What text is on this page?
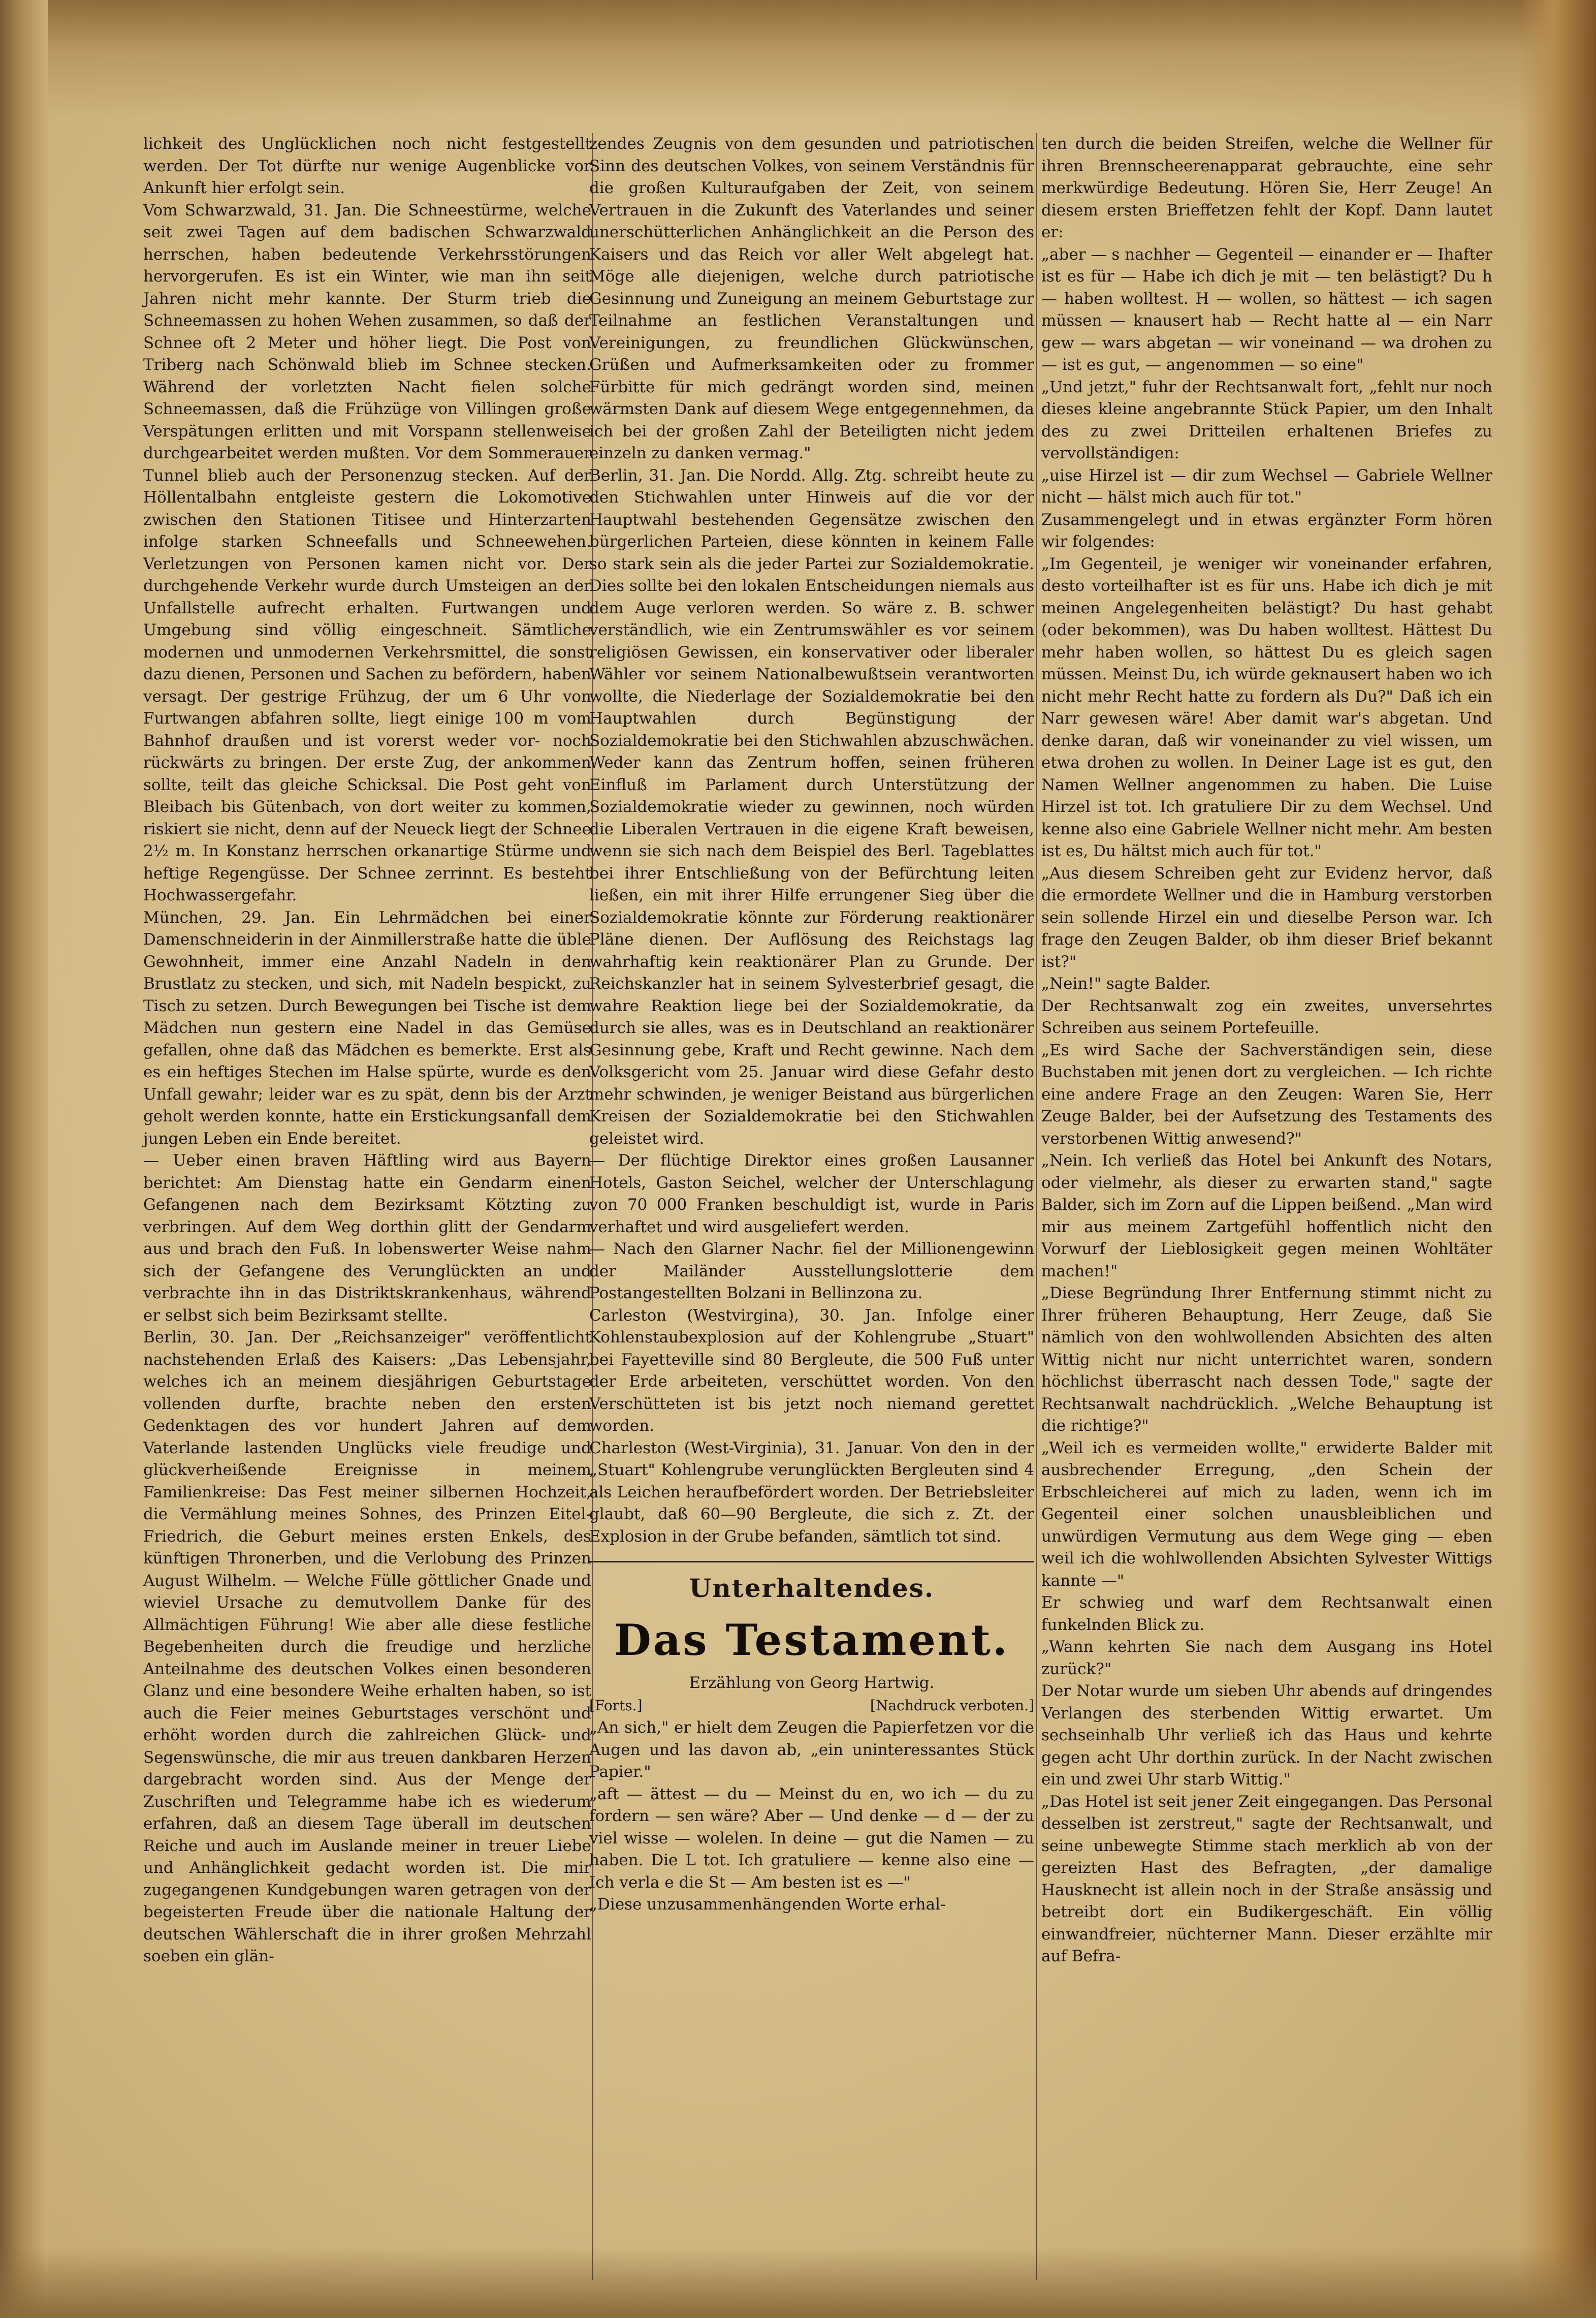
lichkeit des Unglücklichen noch nicht festgestellt werden. Der Tot dürfte nur wenige Augenblicke vor Ankunft hier erfolgt sein.

Vom Schwarzwald, 31. Jan. Die Schneestürme, welche seit zwei Tagen auf dem badischen Schwarzwald herrschen, haben bedeutende Verkehrsstörungen hervorgerufen. Es ist ein Winter, wie man ihn seit Jahren nicht mehr kannte. Der Sturm trieb die Schneemassen zu hohen Wehen zusammen, so daß der Schnee oft 2 Meter und höher liegt. Die Post von Triberg nach Schönwald blieb im Schnee stecken. Während der vorletzten Nacht fielen solche Schneemassen, daß die Frühzüge von Villingen große Verspätungen erlitten und mit Vorspann stellenweise durchgearbeitet werden mußten. Vor dem Sommerauer Tunnel blieb auch der Personenzug stecken. Auf der Höllentalbahn entgleiste gestern die Lokomotive zwischen den Stationen Titisee und Hinterzarten infolge starken Schneefalls und Schneewehen. Verletzungen von Personen kamen nicht vor. Der durchgehende Verkehr wurde durch Umsteigen an der Unfallstelle aufrecht erhalten. Furtwangen und Umgebung sind völlig eingeschneit. Sämtliche modernen und unmodernen Verkehrsmittel, die sonst dazu dienen, Personen und Sachen zu befördern, haben versagt. Der gestrige Frühzug, der um 6 Uhr von Furtwangen abfahren sollte, liegt einige 100 m vom Bahnhof draußen und ist vorerst weder vor- noch rückwärts zu bringen. Der erste Zug, der ankommen sollte, teilt das gleiche Schicksal. Die Post geht von Bleibach bis Gütenbach, von dort weiter zu kommen, riskiert sie nicht, denn auf der Neueck liegt der Schnee 2½ m. In Konstanz herrschen orkanartige Stürme und heftige Regengüsse. Der Schnee zerrinnt. Es besteht Hochwassergefahr.

München, 29. Jan. Ein Lehrmädchen bei einer Damenschneiderin in der Ainmillerstraße hatte die üble Gewohnheit, immer eine Anzahl Nadeln in den Brustlatz zu stecken, und sich, mit Nadeln bespickt, zu Tisch zu setzen. Durch Bewegungen bei Tische ist dem Mädchen nun gestern eine Nadel in das Gemüse gefallen, ohne daß das Mädchen es bemerkte. Erst als es ein heftiges Stechen im Halse spürte, wurde es den Unfall gewahr; leider war es zu spät, denn bis der Arzt geholt werden konnte, hatte ein Erstickungsanfall dem jungen Leben ein Ende bereitet.

— Ueber einen braven Häftling wird aus Bayern berichtet: Am Dienstag hatte ein Gendarm einen Gefangenen nach dem Bezirksamt Kötzting zu verbringen. Auf dem Weg dorthin glitt der Gendarm aus und brach den Fuß. In lobenswerter Weise nahm sich der Gefangene des Verunglückten an und verbrachte ihn in das Distriktskrankenhaus, während er selbst sich beim Bezirksamt stellte.

Berlin, 30. Jan. Der „Reichsanzeiger" veröffentlicht nachstehenden Erlaß des Kaisers: „Das Lebensjahr, welches ich an meinem diesjährigen Geburtstage vollenden durfte, brachte neben den ersten Gedenktagen des vor hundert Jahren auf dem Vaterlande lastenden Unglücks viele freudige und glückverheißende Ereignisse in meinem Familienkreise: Das Fest meiner silbernen Hochzeit, die Vermählung meines Sohnes, des Prinzen Eitel-Friedrich, die Geburt meines ersten Enkels, des künftigen Thronerben, und die Verlobung des Prinzen August Wilhelm. — Welche Fülle göttlicher Gnade und wieviel Ursache zu demutvollem Danke für des Allmächtigen Führung! Wie aber alle diese festliche Begebenheiten durch die freudige und herzliche Anteilnahme des deutschen Volkes einen besonderen Glanz und eine besondere Weihe erhalten haben, so ist auch die Feier meines Geburtstages verschönt und erhöht worden durch die zahlreichen Glück- und Segenswünsche, die mir aus treuen dankbaren Herzen dargebracht worden sind. Aus der Menge der Zuschriften und Telegramme habe ich es wiederum erfahren, daß an diesem Tage überall im deutschen Reiche und auch im Auslande meiner in treuer Liebe und Anhänglichkeit gedacht worden ist. Die mir zugegangenen Kundgebungen waren getragen von der begeisterten Freude über die nationale Haltung der deutschen Wählerschaft die in ihrer großen Mehrzahl soeben ein glän-

zendes Zeugnis von dem gesunden und patriotischen Sinn des deutschen Volkes, von seinem Verständnis für die großen Kulturaufgaben der Zeit, von seinem Vertrauen in die Zukunft des Vaterlandes und seiner unerschütterlichen Anhänglichkeit an die Person des Kaisers und das Reich vor aller Welt abgelegt hat. Möge alle diejenigen, welche durch patriotische Gesinnung und Zuneigung an meinem Geburtstage zur Teilnahme an festlichen Veranstaltungen und Vereinigungen, zu freundlichen Glückwünschen, Grüßen und Aufmerksamkeiten oder zu frommer Fürbitte für mich gedrängt worden sind, meinen wärmsten Dank auf diesem Wege entgegennehmen, da ich bei der großen Zahl der Beteiligten nicht jedem einzeln zu danken vermag."

Berlin, 31. Jan. Die Nordd. Allg. Ztg. schreibt heute zu den Stichwahlen unter Hinweis auf die vor der Hauptwahl bestehenden Gegensätze zwischen den bürgerlichen Parteien, diese könnten in keinem Falle so stark sein als die jeder Partei zur Sozialdemokratie. Dies sollte bei den lokalen Entscheidungen niemals aus dem Auge verloren werden. So wäre z. B. schwer verständlich, wie ein Zentrumswähler es vor seinem religiösen Gewissen, ein konservativer oder liberaler Wähler vor seinem Nationalbewußtsein verantworten wollte, die Niederlage der Sozialdemokratie bei den Hauptwahlen durch Begünstigung der Sozialdemokratie bei den Stichwahlen abzuschwächen. Weder kann das Zentrum hoffen, seinen früheren Einfluß im Parlament durch Unterstützung der Sozialdemokratie wieder zu gewinnen, noch würden die Liberalen Vertrauen in die eigene Kraft beweisen, wenn sie sich nach dem Beispiel des Berl. Tageblattes bei ihrer Entschließung von der Befürchtung leiten ließen, ein mit ihrer Hilfe errungener Sieg über die Sozialdemokratie könnte zur Förderung reaktionärer Pläne dienen. Der Auflösung des Reichstags lag wahrhaftig kein reaktionärer Plan zu Grunde. Der Reichskanzler hat in seinem Sylvesterbrief gesagt, die wahre Reaktion liege bei der Sozialdemokratie, da durch sie alles, was es in Deutschland an reaktionärer Gesinnung gebe, Kraft und Recht gewinne. Nach dem Volksgericht vom 25. Januar wird diese Gefahr desto mehr schwinden, je weniger Beistand aus bürgerlichen Kreisen der Sozialdemokratie bei den Stichwahlen geleistet wird.

— Der flüchtige Direktor eines großen Lausanner Hotels, Gaston Seichel, welcher der Unterschlagung von 70 000 Franken beschuldigt ist, wurde in Paris verhaftet und wird ausgeliefert werden.

— Nach den Glarner Nachr. fiel der Millionengewinn der Mailänder Ausstellungslotterie dem Postangestellten Bolzani in Bellinzona zu.

Carleston (Westvirgina), 30. Jan. Infolge einer Kohlenstaubexplosion auf der Kohlengrube „Stuart" bei Fayetteville sind 80 Bergleute, die 500 Fuß unter der Erde arbeiteten, verschüttet worden. Von den Verschütteten ist bis jetzt noch niemand gerettet worden.

Charleston (West-Virginia), 31. Januar. Von den in der „Stuart" Kohlengrube verunglückten Bergleuten sind 4 als Leichen heraufbefördert worden. Der Betriebsleiter glaubt, daß 60—90 Bergleute, die sich z. Zt. der Explosion in der Grube befanden, sämtlich tot sind.

Unterhaltendes.
Das Testament.
Erzählung von Georg Hartwig.
[Forts.]	[Nachdruck verboten.]

„An sich," er hielt dem Zeugen die Papierfetzen vor die Augen und las davon ab, „ein uninteressantes Stück Papier."

„aft — ättest — du — Meinst du en, wo ich — du zu fordern — sen wäre? Aber — Und denke — d — der zu viel wisse — wolelen. In deine — gut die Namen — zu haben. Die L tot. Ich gratuliere — kenne also eine — Ich verla e die St — Am besten ist es —"

„Diese unzusammenhängenden Worte erhal-

ten durch die beiden Streifen, welche die Wellner für ihren Brennscheerenapparat gebrauchte, eine sehr merkwürdige Bedeutung. Hören Sie, Herr Zeuge! An diesem ersten Brieffetzen fehlt der Kopf. Dann lautet er:

„aber — s nachher — Gegenteil — einander er — Ihafter ist es für — Habe ich dich je mit — ten belästigt? Du h — haben wolltest. H — wollen, so hättest — ich sagen müssen — knausert hab — Recht hatte al — ein Narr gew — wars abgetan — wir voneinand — wa drohen zu — ist es gut, — angenommen — so eine"

„Und jetzt," fuhr der Rechtsanwalt fort, „fehlt nur noch dieses kleine angebrannte Stück Papier, um den Inhalt des zu zwei Dritteilen erhaltenen Briefes zu vervollständigen:

„uise Hirzel ist — dir zum Wechsel — Gabriele Wellner nicht — hälst mich auch für tot."

Zusammengelegt und in etwas ergänzter Form hören wir folgendes:

„Im Gegenteil, je weniger wir voneinander erfahren, desto vorteilhafter ist es für uns. Habe ich dich je mit meinen Angelegenheiten belästigt? Du hast gehabt (oder bekommen), was Du haben wolltest. Hättest Du mehr haben wollen, so hättest Du es gleich sagen müssen. Meinst Du, ich würde geknausert haben wo ich nicht mehr Recht hatte zu fordern als Du?" Daß ich ein Narr gewesen wäre! Aber damit war's abgetan. Und denke daran, daß wir voneinander zu viel wissen, um etwa drohen zu wollen. In Deiner Lage ist es gut, den Namen Wellner angenommen zu haben. Die Luise Hirzel ist tot. Ich gratuliere Dir zu dem Wechsel. Und kenne also eine Gabriele Wellner nicht mehr. Am besten ist es, Du hältst mich auch für tot."

„Aus diesem Schreiben geht zur Evidenz hervor, daß die ermordete Wellner und die in Hamburg verstorben sein sollende Hirzel ein und dieselbe Person war. Ich frage den Zeugen Balder, ob ihm dieser Brief bekannt ist?"

„Nein!" sagte Balder.

Der Rechtsanwalt zog ein zweites, unversehrtes Schreiben aus seinem Portefeuille.

„Es wird Sache der Sachverständigen sein, diese Buchstaben mit jenen dort zu vergleichen. — Ich richte eine andere Frage an den Zeugen: Waren Sie, Herr Zeuge Balder, bei der Aufsetzung des Testaments des verstorbenen Wittig anwesend?"

„Nein. Ich verließ das Hotel bei Ankunft des Notars, oder vielmehr, als dieser zu erwarten stand," sagte Balder, sich im Zorn auf die Lippen beißend. „Man wird mir aus meinem Zartgefühl hoffentlich nicht den Vorwurf der Lieblosigkeit gegen meinen Wohltäter machen!"

„Diese Begründung Ihrer Entfernung stimmt nicht zu Ihrer früheren Behauptung, Herr Zeuge, daß Sie nämlich von den wohlwollenden Absichten des alten Wittig nicht nur nicht unterrichtet waren, sondern höchlichst überrascht nach dessen Tode," sagte der Rechtsanwalt nachdrücklich. „Welche Behauptung ist die richtige?"

„Weil ich es vermeiden wollte," erwiderte Balder mit ausbrechender Erregung, „den Schein der Erbschleicherei auf mich zu laden, wenn ich im Gegenteil einer solchen unausbleiblichen und unwürdigen Vermutung aus dem Wege ging — eben weil ich die wohlwollenden Absichten Sylvester Wittigs kannte —"

Er schwieg und warf dem Rechtsanwalt einen funkelnden Blick zu.

„Wann kehrten Sie nach dem Ausgang ins Hotel zurück?"

Der Notar wurde um sieben Uhr abends auf dringendes Verlangen des sterbenden Wittig erwartet. Um sechseinhalb Uhr verließ ich das Haus und kehrte gegen acht Uhr dorthin zurück. In der Nacht zwischen ein und zwei Uhr starb Wittig."

„Das Hotel ist seit jener Zeit eingegangen. Das Personal desselben ist zerstreut," sagte der Rechtsanwalt, und seine unbewegte Stimme stach merklich ab von der gereizten Hast des Befragten, „der damalige Hausknecht ist allein noch in der Straße ansässig und betreibt dort ein Budikergeschäft. Ein völlig einwandfreier, nüchterner Mann. Dieser erzählte mir auf Befra-
